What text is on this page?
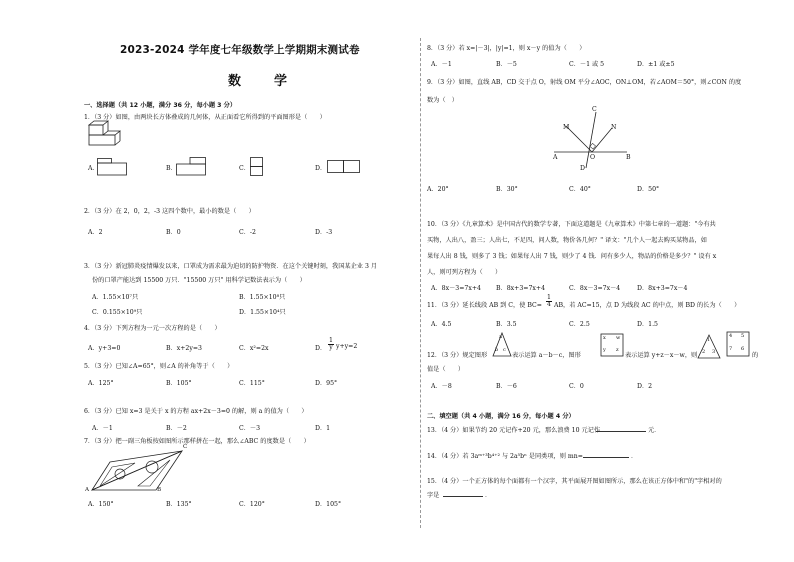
2023-2024 学年度七年级数学上学期期末测试卷
数　学
一、选择题（共 12 小题，满分 36 分，每小题 3 分）
1．（3 分）如图，由两块长方体叠成的几何体，从正面看它所得到的平面图形是（　　）
A．	B．	C．	D．
2．（3 分）在 2，0，2，-3 这四个数中，最小的数是（　　）
A．2	B．0	C．-2	D．-3
3．（3 分）新冠肺炎疫情爆发以来，口罩成为需求最为迫切的防护物资．在这个关键时刻，我国某企业 3 月
份的口罩产能达到 15500 万只．"15500 万只" 用科学记数法表示为（　　）
A．1.55×10⁷只	B．1.55×10⁸只
C．0.155×10⁹只	D．1.55×10⁴只
4．（3 分）下列方程为一元一次方程的是（　　）
A．y+3=0	B．x+2y=3	C．x²=2x	D． $\frac{1}{y} y+y=2$
5．（3 分）已知∠A=65°，则∠A 的补角等于（　　）
A．125°	B．105°	C．115°	D．95°
6．（3 分）已知 x=3 是关于 x 的方程 ax+2x－3=0 的解，则 a 的值为（　　）
A．－1	B．－2	C．－3	D．1
7．（3 分）把一副三角板按如图所示那样拼在一起，那么∠ABC 的度数是（　　）
A	B
C
A．150°	B．135°	C．120°	D．105°
8．（3 分）若 x=|－3|，|y|=1，则 x－y 的值为（　　）
A．－1	B．－5	C．－1 或 5	D．±1 或±5
9．（3 分）如图，直线 AB，CD 交于点 O，射线 OM 平分∠AOC，ON⊥OM，若∠AOM＝50°，则∠CON 的度
数为（　）
C
M	N
A	O	B
D
A．20°	B．30°	C．40°	D．50°
10．（3 分）《九章算术》是中国古代的数学专著，下面这道题是《九章算术》中第七章的一道题："今有共
买物，人出八，盈三；人出七，不足四，问人数，物价各几何？" 译文："几个人一起去购买某物品，如
果每人出 8 钱，则多了 3 钱；如果每人出 7 钱，则少了 4 钱．问有多少人，物品的价格是多少？" 设有 x
人，则可列方程为（　　）
A．8x－3=7x+4 B．8x+3=7x+4	C．8x－3=7x－4	D．8x+3=7x－4
11．（3 分）延长线段 AB 到 C，使 $BC= \frac{1}{4}$ AB，若 AC=15，点 D 为线段 AC 的中点，则 BD 的长为（　　）
A．4.5	B．3.5	C．2.5	D．1.5
12．（3 分）规定图形
a
b c
表示运算 a－b－c，图形
x w
y z
表示运算 y+z－x－w，则
1
2 3
4 5
7 6
的
值是（　　）
A．－8	B．－6	C．0	D．2
二、填空题（共 4 小题，满分 16 分，每小题 4 分）
13．（4 分）如果节约 20 元记作+20 元，那么浪费 10 元记作	元．
14．（4 分）若 3aᵐ⁺³b⁴⁺² 与 2a⁵bⁿ 是同类项，则 mn=	．
15．（4 分）一个正方体的每个面都有一个汉字，其平面展开图如图所示，那么在该正方体中和"的"字相对的
字是	．
